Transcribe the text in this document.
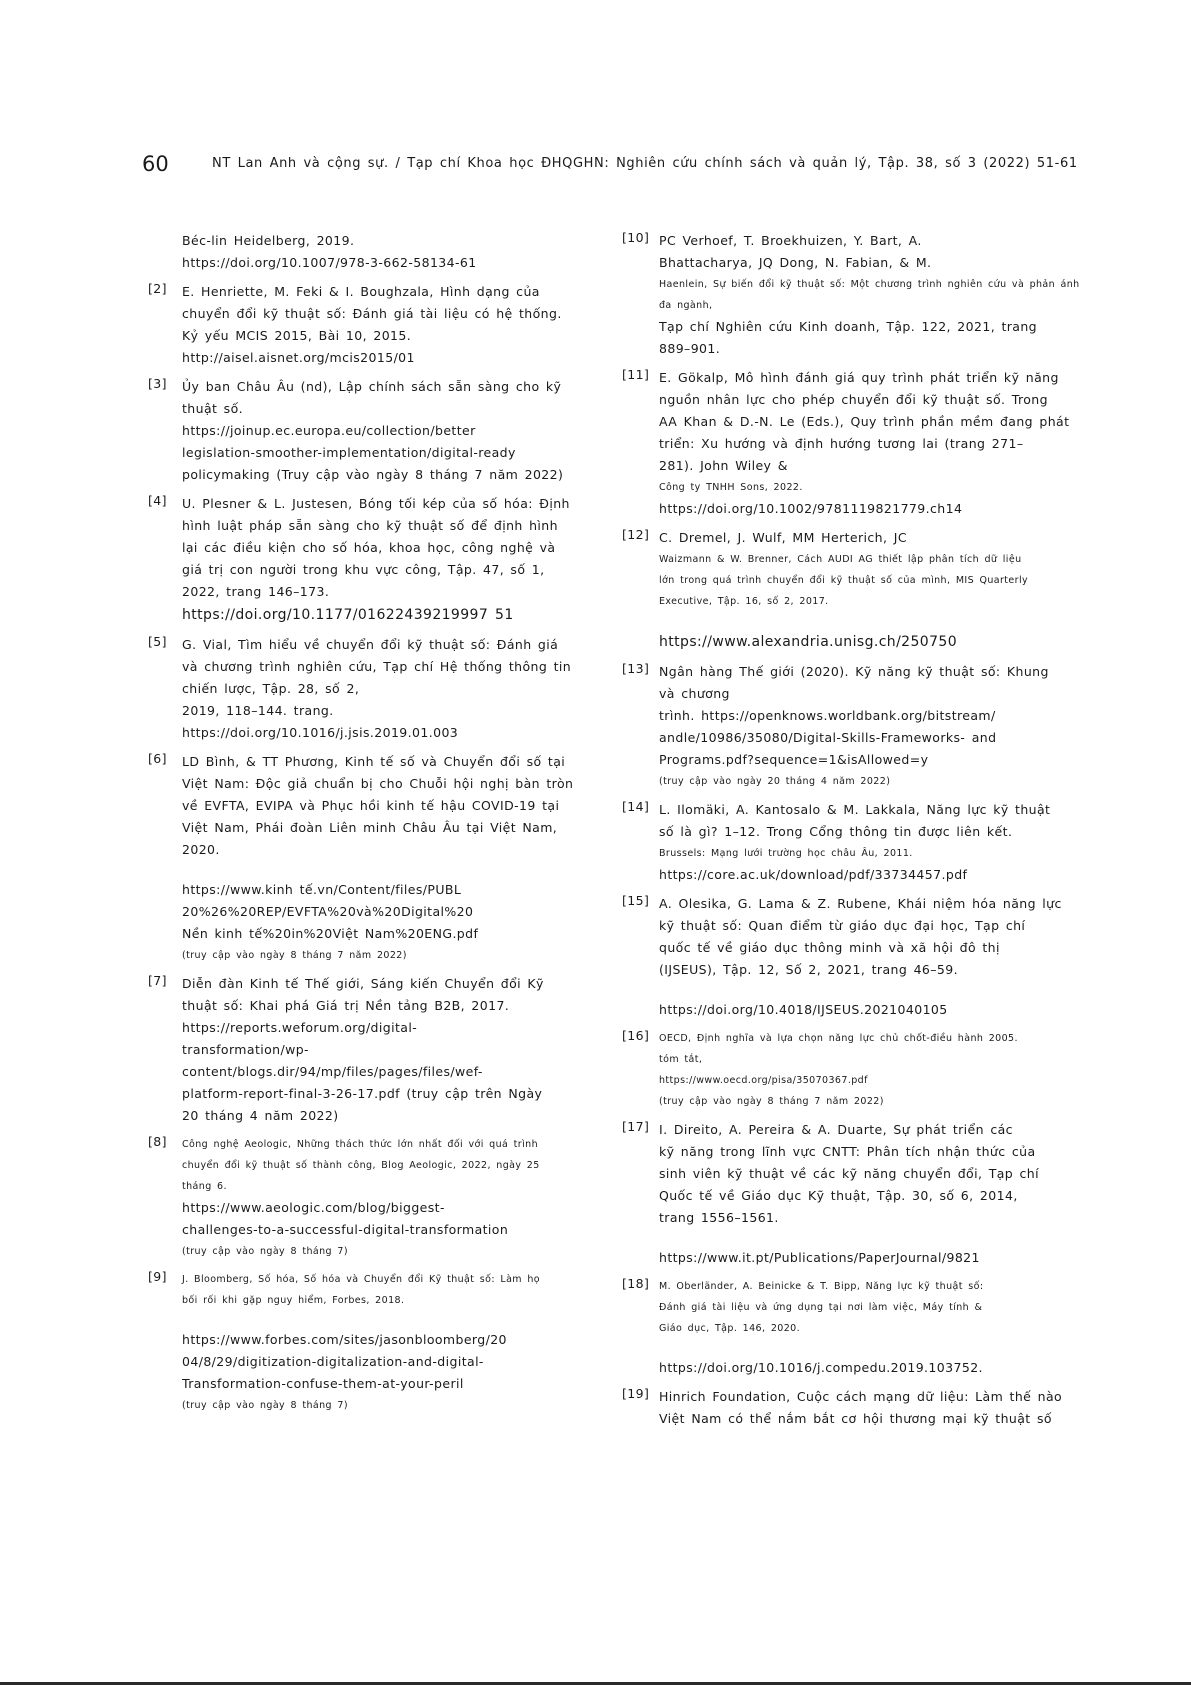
60	NT Lan Anh và cộng sự. / Tạp chí Khoa học ĐHQGHN: Nghiên cứu chính sách và quản lý, Tập. 38, số 3 (2022) 51-61
Béc-lin Heidelberg, 2019.
https://doi.org/10.1007/978-3-662-58134-61
[2] E. Henriette, M. Feki & I. Boughzala, Hình dạng của
chuyển đổi kỹ thuật số: Đánh giá tài liệu có hệ thống.
Kỷ yếu MCIS 2015, Bài 10, 2015.
http://aisel.aisnet.org/mcis2015/01
[3] Ủy ban Châu Âu (nd), Lập chính sách sẵn sàng cho kỹ
thuật số.
https://joinup.ec.europa.eu/collection/better
legislation-smoother-implementation/digital-ready
policymaking (Truy cập vào ngày 8 tháng 7 năm 2022)
[4] U. Plesner & L. Justesen, Bóng tối kép của số hóa: Định
hình luật pháp sẵn sàng cho kỹ thuật số để định hình
lại các điều kiện cho số hóa, khoa học, công nghệ và
giá trị con người trong khu vực công, Tập. 47, số 1,
2022, trang 146–173.
https://doi.org/10.1177/01622439219997 51
[5] G. Vial, Tìm hiểu về chuyển đổi kỹ thuật số: Đánh giá
và chương trình nghiên cứu, Tạp chí Hệ thống thông tin
chiến lược, Tập. 28, số 2,
2019, 118–144. trang.
https://doi.org/10.1016/j.jsis.2019.01.003
[6] LD Bình, & TT Phương, Kinh tế số và Chuyển đổi số tại
Việt Nam: Độc giả chuẩn bị cho Chuỗi hội nghị bàn tròn
về EVFTA, EVIPA và Phục hồi kinh tế hậu COVID-19 tại
Việt Nam, Phái đoàn Liên minh Châu Âu tại Việt Nam,
2020.
https://www.kinh tế.vn/Content/files/PUBL
20%26%20REP/EVFTA%20và%20Digital%20
Nền kinh tế%20in%20Việt Nam%20ENG.pdf
(truy cập vào ngày 8 tháng 7 năm 2022)
[7] Diễn đàn Kinh tế Thế giới, Sáng kiến Chuyển đổi Kỹ
thuật số: Khai phá Giá trị Nền tảng B2B, 2017.
https://reports.weforum.org/digital-
transformation/wp-
content/blogs.dir/94/mp/files/pages/files/wef-
platform-report-final-3-26-17.pdf (truy cập trên Ngày
20 tháng 4 năm 2022)
[8] Công nghệ Aeologic, Những thách thức lớn nhất đối với quá trình
chuyển đổi kỹ thuật số thành công, Blog Aeologic, 2022, ngày 25
tháng 6.
https://www.aeologic.com/blog/biggest-
challenges-to-a-successful-digital-transformation
(truy cập vào ngày 8 tháng 7)
[9] J. Bloomberg, Số hóa, Số hóa và Chuyển đổi Kỹ thuật số: Làm họ
bối rối khi gặp nguy hiểm, Forbes, 2018.
https://www.forbes.com/sites/jasonbloomberg/20
04/8/29/digitization-digitalization-and-digital-
Transformation-confuse-them-at-your-peril
(truy cập vào ngày 8 tháng 7)
[10] PC Verhoef, T. Broekhuizen, Y. Bart, A.
Bhattacharya, JQ Dong, N. Fabian, & M.
Haenlein, Sự biến đổi kỹ thuật số: Một chương trình nghiên cứu và phản ánh
đa ngành,
Tạp chí Nghiên cứu Kinh doanh, Tập. 122, 2021, trang
889–901.
[11] E. Gökalp, Mô hình đánh giá quy trình phát triển kỹ năng
nguồn nhân lực cho phép chuyển đổi kỹ thuật số. Trong
AA Khan & D.-N. Le (Eds.), Quy trình phần mềm đang phát
triển: Xu hướng và định hướng tương lai (trang 271–
281). John Wiley &
Công ty TNHH Sons, 2022.
https://doi.org/10.1002/9781119821779.ch14
[12] C. Dremel, J. Wulf, MM Herterich, JC
Waizmann & W. Brenner, Cách AUDI AG thiết lập phân tích dữ liệu
lớn trong quá trình chuyển đổi kỹ thuật số của mình, MIS Quarterly
Executive, Tập. 16, số 2, 2017.
https://www.alexandria.unisg.ch/250750
[13] Ngân hàng Thế giới (2020). Kỹ năng kỹ thuật số: Khung
và chương
trình. https://openknows.worldbank.org/bitstream/
andle/10986/35080/Digital-Skills-Frameworks- and
Programs.pdf?sequence=1&isAllowed=y
(truy cập vào ngày 20 tháng 4 năm 2022)
[14] L. Ilomäki, A. Kantosalo & M. Lakkala, Năng lực kỹ thuật
số là gì? 1–12. Trong Cổng thông tin được liên kết.
Brussels: Mạng lưới trường học châu Âu, 2011.
https://core.ac.uk/download/pdf/33734457.pdf
[15] A. Olesika, G. Lama & Z. Rubene, Khái niệm hóa năng lực
kỹ thuật số: Quan điểm từ giáo dục đại học, Tạp chí
quốc tế về giáo dục thông minh và xã hội đô thị
(IJSEUS), Tập. 12, Số 2, 2021, trang 46–59.
https://doi.org/10.4018/IJSEUS.2021040105
[16] OECD, Định nghĩa và lựa chọn năng lực chủ chốt-điều hành 2005.
tóm tắt,
https://www.oecd.org/pisa/35070367.pdf
(truy cập vào ngày 8 tháng 7 năm 2022)
[17] I. Direito, A. Pereira & A. Duarte, Sự phát triển các
kỹ năng trong lĩnh vực CNTT: Phân tích nhận thức của
sinh viên kỹ thuật về các kỹ năng chuyển đổi, Tạp chí
Quốc tế về Giáo dục Kỹ thuật, Tập. 30, số 6, 2014,
trang 1556–1561.
https://www.it.pt/Publications/PaperJournal/9821
[18] M. Oberländer, A. Beinicke & T. Bipp, Năng lực kỹ thuật số:
Đánh giá tài liệu và ứng dụng tại nơi làm việc, Máy tính &
Giáo dục, Tập. 146, 2020.
https://doi.org/10.1016/j.compedu.2019.103752.
[19] Hinrich Foundation, Cuộc cách mạng dữ liệu: Làm thế nào
Việt Nam có thể nắm bắt cơ hội thương mại kỹ thuật số
